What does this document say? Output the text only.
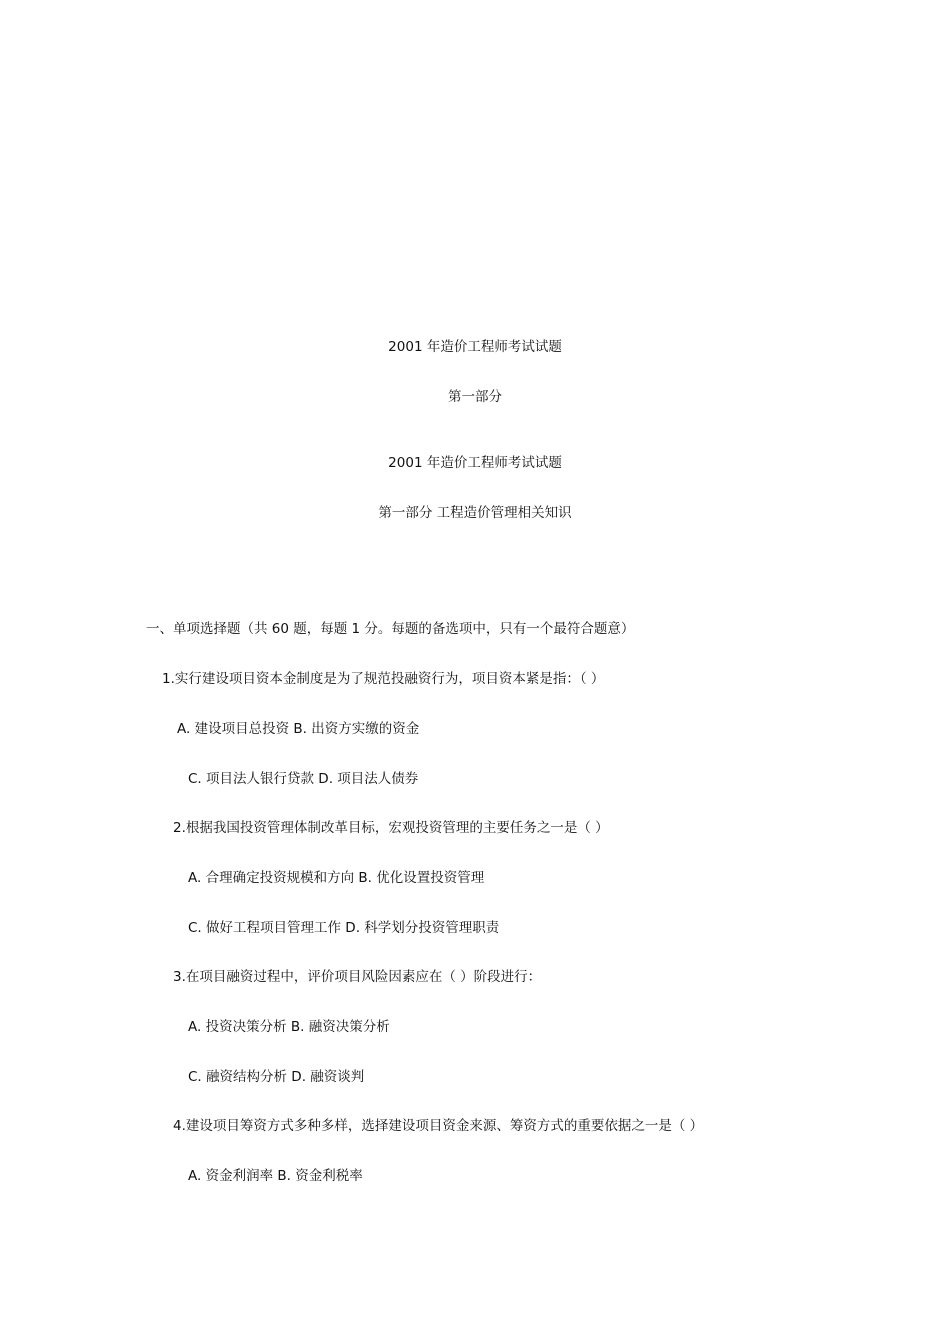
2001 年造价工程师考试试题
第一部分
2001 年造价工程师考试试题
第一部分 工程造价管理相关知识
一、单项选择题（共 60 题，每题 1 分。每题的备选项中，只有一个最符合题意）
1.实行建设项目资本金制度是为了规范投融资行为，项目资本紧是指：（ ）
A. 建设项目总投资 B. 出资方实缴的资金
C. 项目法人银行贷款 D. 项目法人债券
2.根据我国投资管理体制改革目标，宏观投资管理的主要任务之一是（ ）
A. 合理确定投资规模和方向 B. 优化设置投资管理
C. 做好工程项目管理工作 D. 科学划分投资管理职责
3.在项目融资过程中，评价项目风险因素应在（ ）阶段进行：
A. 投资决策分析 B. 融资决策分析
C. 融资结构分析 D. 融资谈判
4.建设项目筹资方式多种多样，选择建设项目资金来源、筹资方式的重要依据之一是（ ）
A. 资金利润率 B. 资金利税率
